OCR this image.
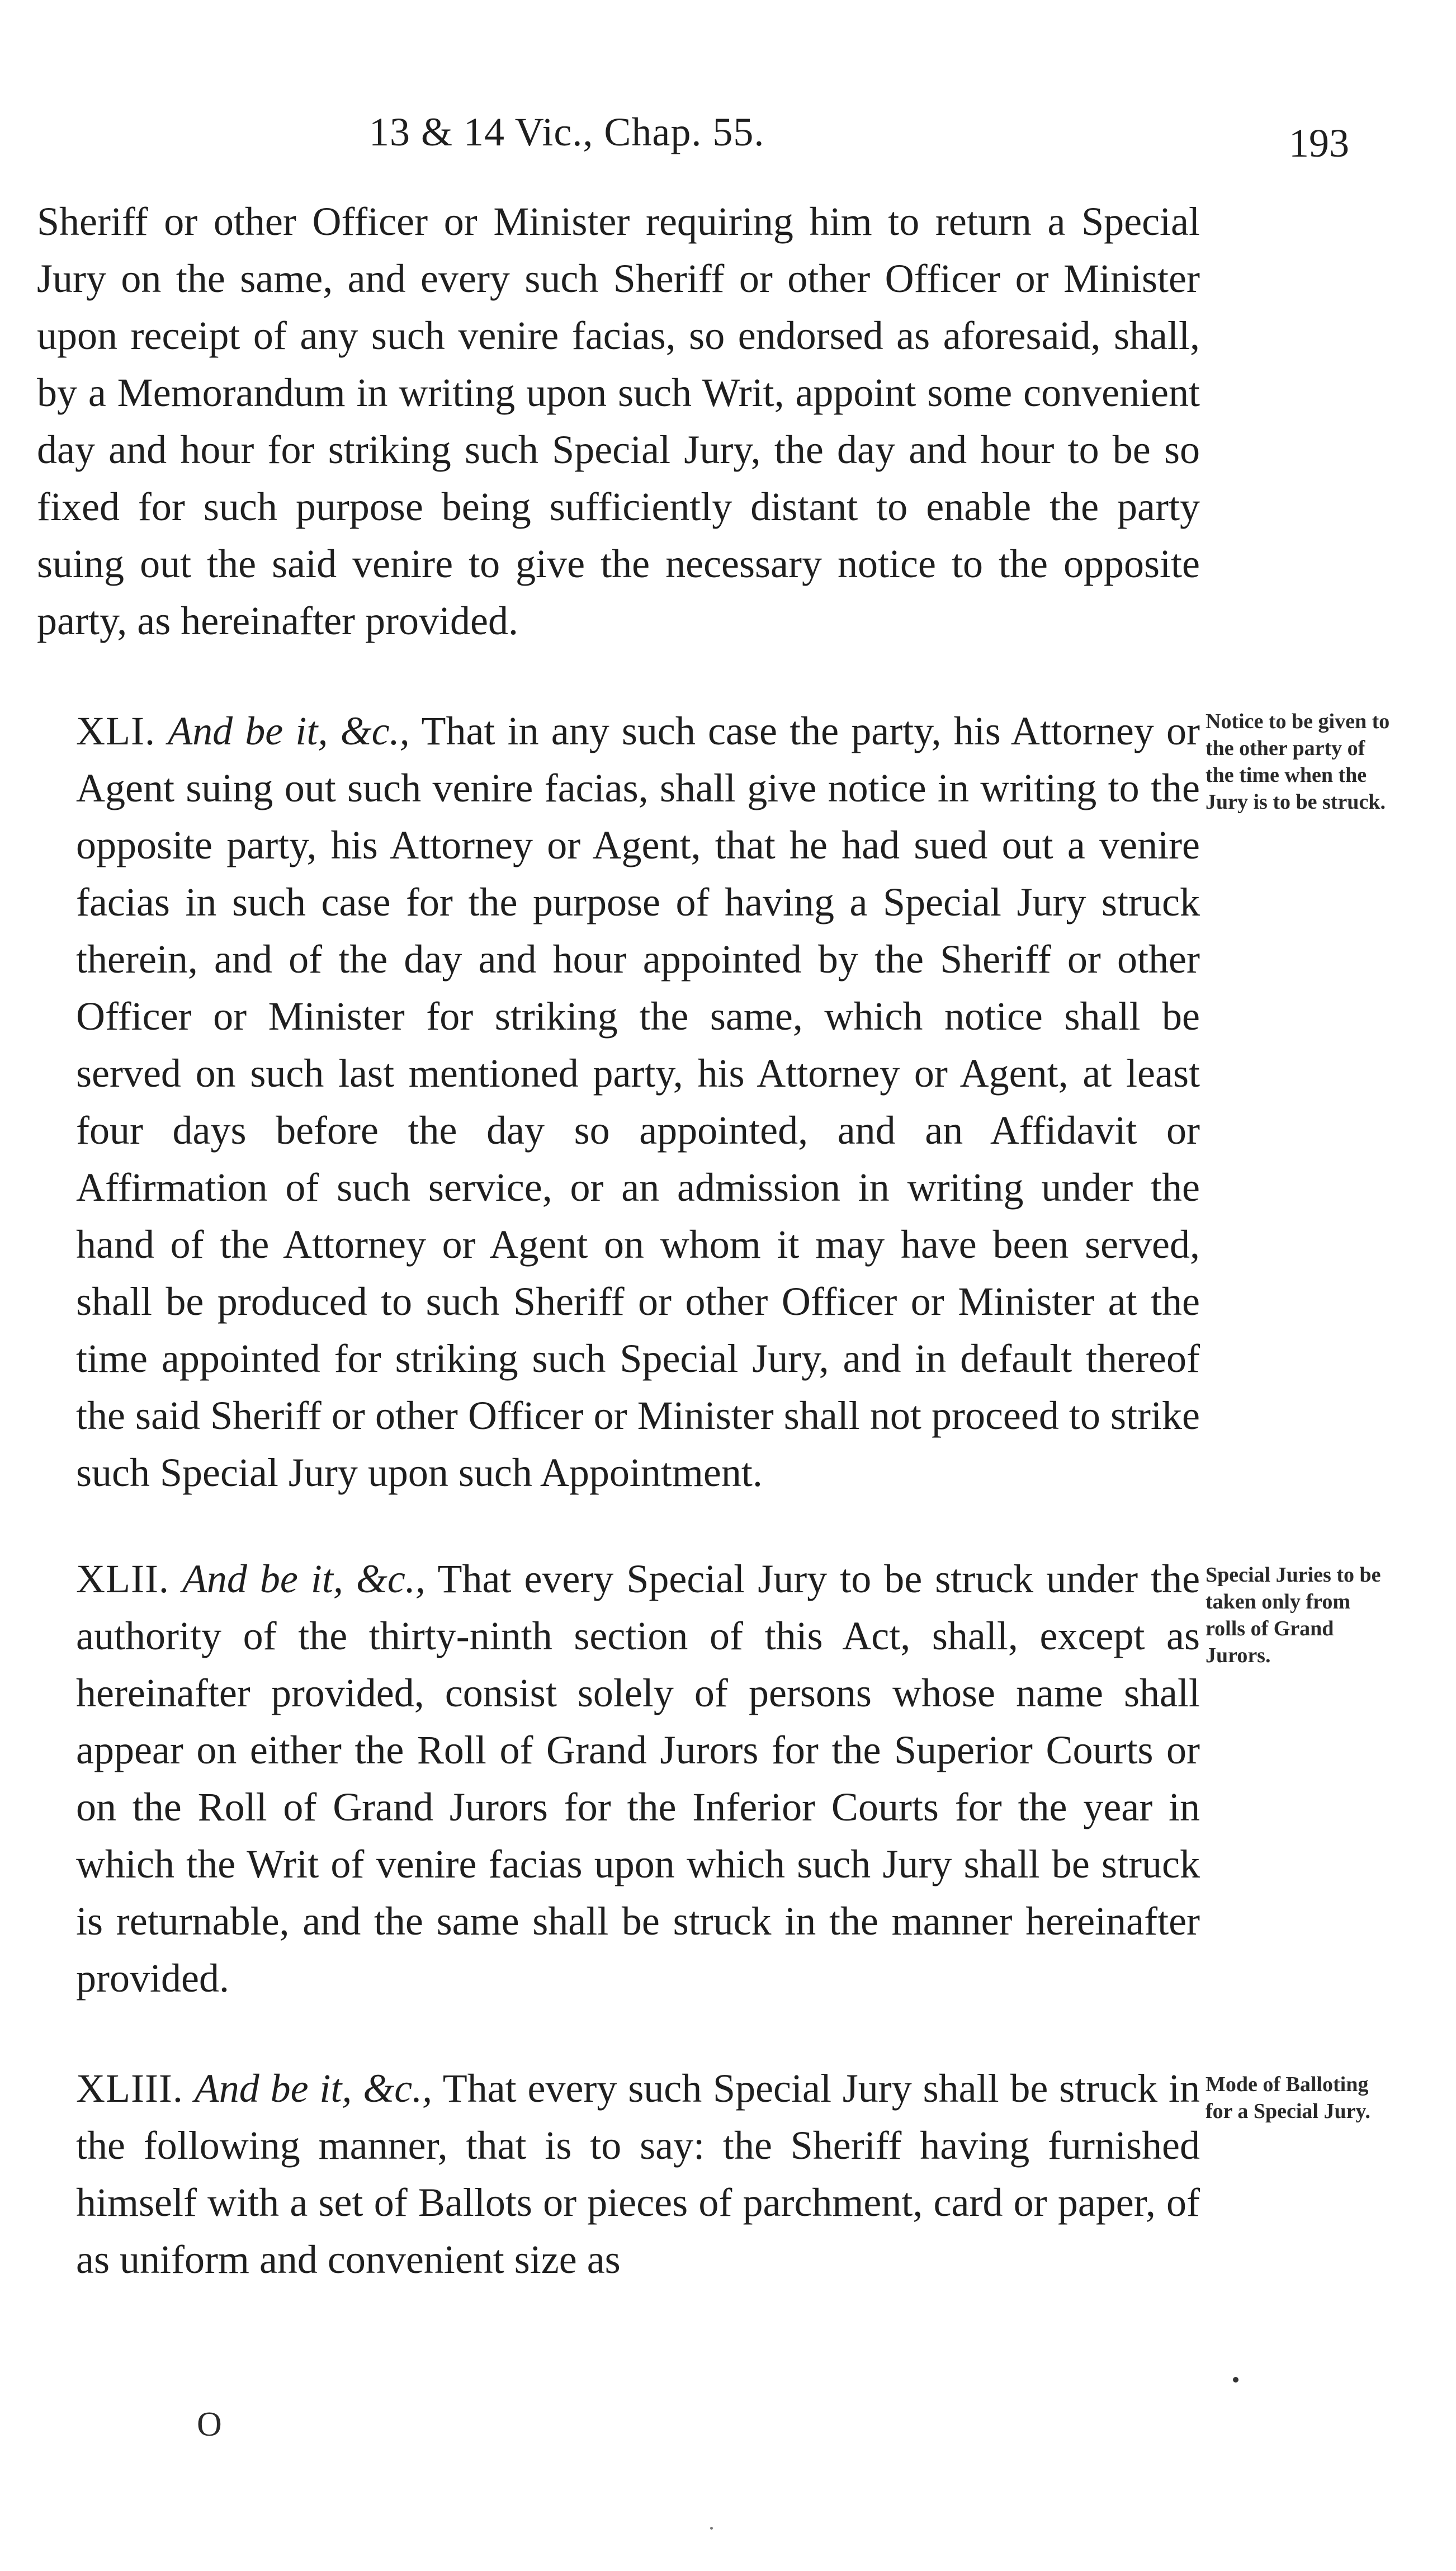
13 & 14 Vic., Chap. 55.	193

Sheriff or other Officer or Minister requiring him to return a Special Jury on the same, and every such Sheriff or other Officer or Minister upon receipt of any such venire facias, so endorsed as aforesaid, shall, by a Memorandum in writing upon such Writ, appoint some convenient day and hour for striking such Special Jury, the day and hour to be so fixed for such purpose being sufficiently distant to enable the party suing out the said venire to give the necessary notice to the opposite party, as hereinafter provided.

XLI. And be it, &c., That in any such case the party, his Attorney or Agent suing out such venire facias, shall give notice in writing to the opposite party, his Attorney or Agent, that he had sued out a venire facias in such case for the purpose of having a Special Jury struck therein, and of the day and hour appointed by the Sheriff or other Officer or Minister for striking the same, which notice shall be served on such last mentioned party, his Attorney or Agent, at least four days before the day so appointed, and an Affidavit or Affirmation of such service, or an admission in writing under the hand of the Attorney or Agent on whom it may have been served, shall be produced to such Sheriff or other Officer or Minister at the time appointed for striking such Special Jury, and in default thereof the said Sheriff or other Officer or Minister shall not proceed to strike such Special Jury upon such Appointment.

Notice to be given to the other party of the time when the Jury is to be struck.

XLII. And be it, &c., That every Special Jury to be struck under the authority of the thirty-ninth section of this Act, shall, except as hereinafter provided, consist solely of persons whose name shall appear on either the Roll of Grand Jurors for the Superior Courts or on the Roll of Grand Jurors for the Inferior Courts for the year in which the Writ of venire facias upon which such Jury shall be struck is returnable, and the same shall be struck in the manner hereinafter provided.

Special Juries to be taken only from rolls of Grand Jurors.

XLIII. And be it, &c., That every such Special Jury shall be struck in the following manner, that is to say: the Sheriff having furnished himself with a set of Ballots or pieces of parchment, card or paper, of as uniform and convenient size as

Mode of Balloting for a Special Jury.
O
